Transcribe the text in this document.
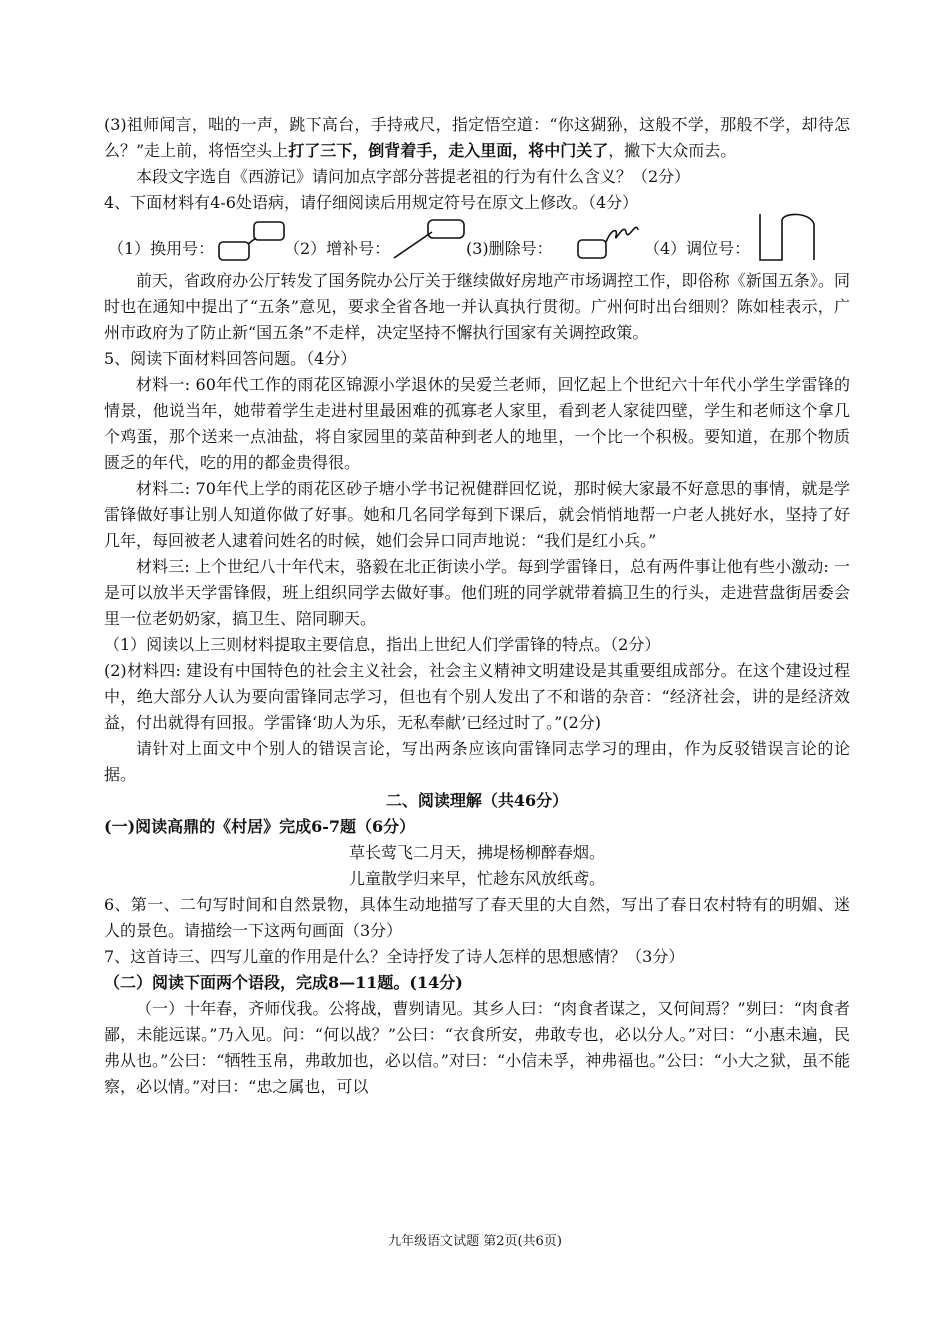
(3)祖师闻言，咄的一声，跳下高台，手持戒尺，指定悟空道：“你这猢狲，这般不学，那般不学，却待怎么？”走上前，将悟空头上打了三下，倒背着手，走入里面，将中门关了，撇下大众而去。

本段文字选自《西游记》请问加点字部分菩提老祖的行为有什么含义？（2分）

4、下面材料有4-6处语病，请仔细阅读后用规定符号在原文上修改。（4分）

（1）换用号：	（2）增补号：	(3)删除号：	（4）调位号：

前天，省政府办公厅转发了国务院办公厅关于继续做好房地产市场调控工作，即俗称《新国五条》。同时也在通知中提出了“五条”意见，要求全省各地一并认真执行贯彻。广州何时出台细则？陈如桂表示，广州市政府为了防止新“国五条”不走样，决定坚持不懈执行国家有关调控政策。

5、阅读下面材料回答问题。（4分）

材料一: 60年代工作的雨花区锦源小学退休的吴爱兰老师，回忆起上个世纪六十年代小学生学雷锋的情景，他说当年，她带着学生走进村里最困难的孤寡老人家里，看到老人家徒四壁，学生和老师这个拿几个鸡蛋，那个送来一点油盐，将自家园里的菜苗种到老人的地里，一个比一个积极。要知道，在那个物质匮乏的年代，吃的用的都金贵得很。

材料二: 70年代上学的雨花区砂子塘小学书记祝健群回忆说，那时候大家最不好意思的事情，就是学雷锋做好事让别人知道你做了好事。她和几名同学每到下课后，就会悄悄地帮一户老人挑好水，坚持了好几年，每回被老人逮着问姓名的时候，她们会异口同声地说：“我们是红小兵。”

材料三: 上个世纪八十年代末，骆毅在北正街读小学。每到学雷锋日，总有两件事让他有些小激动: 一是可以放半天学雷锋假，班上组织同学去做好事。他们班的同学就带着搞卫生的行头，走进营盘街居委会里一位老奶奶家，搞卫生、陪同聊天。

（1）阅读以上三则材料提取主要信息，指出上世纪人们学雷锋的特点。（2分）

(2)材料四: 建设有中国特色的社会主义社会，社会主义精神文明建设是其重要组成部分。在这个建设过程中，绝大部分人认为要向雷锋同志学习，但也有个别人发出了不和谐的杂音：“经济社会，讲的是经济效益，付出就得有回报。学雷锋‘助人为乐，无私奉献’已经过时了。”(2分)

请针对上面文中个别人的错误言论，写出两条应该向雷锋同志学习的理由，作为反驳错误言论的论据。

二、阅读理解（共46分）

(一)阅读高鼎的《村居》完成6-7题（6分）

草长莺飞二月天，拂堤杨柳醉春烟。

儿童散学归来早，忙趁东风放纸鸢。

6、第一、二句写时间和自然景物，具体生动地描写了春天里的大自然，写出了春日农村特有的明媚、迷人的景色。请描绘一下这两句画面（3分）

7、这首诗三、四写儿童的作用是什么？全诗抒发了诗人怎样的思想感情？（3分）

（二）阅读下面两个语段，完成8—11题。(14分)

（一）十年春，齐师伐我。公将战，曹刿请见。其乡人曰：“肉食者谋之，又何间焉？”刿曰：“肉食者鄙，未能远谋。”乃入见。问：“何以战？”公曰：“衣食所安，弗敢专也，必以分人。”对曰：“小惠未遍，民弗从也。”公曰：“牺牲玉帛，弗敢加也，必以信。”对曰：“小信未孚，神弗福也。”公曰：“小大之狱，虽不能察，必以情。”对曰：“忠之属也，可以

九年级语文试题 第2页(共6页)
